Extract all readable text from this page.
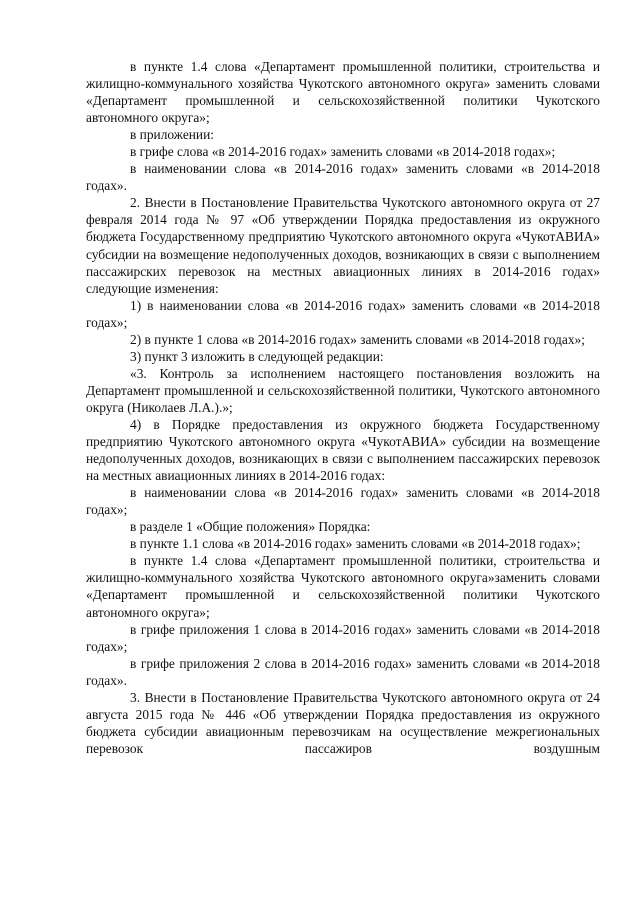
в пункте 1.4 слова «Департамент промышленной политики, строительства и жилищно-коммунального хозяйства Чукотского автономного округа» заменить словами «Департамент промышленной и сельскохозяйственной политики Чукотского автономного округа»;

в приложении:

в грифе слова «в 2014-2016 годах» заменить словами «в 2014-2018 годах»;

в наименовании слова «в 2014-2016 годах» заменить словами «в 2014-2018 годах».

2. Внести в Постановление Правительства Чукотского автономного округа от 27 февраля 2014 года № 97 «Об утверждении Порядка предоставления из окружного бюджета Государственному предприятию Чукотского автономного округа «ЧукотАВИА» субсидии на возмещение недополученных доходов, возникающих в связи с выполнением пассажирских перевозок на местных авиационных линиях в 2014-2016 годах» следующие изменения:

1) в наименовании слова «в 2014-2016 годах» заменить словами «в 2014-2018 годах»;

2) в пункте 1 слова «в 2014-2016 годах» заменить словами «в 2014-2018 годах»;

3) пункт 3 изложить в следующей редакции:

«3. Контроль за исполнением настоящего постановления возложить на Департамент промышленной и сельскохозяйственной политики, Чукотского автономного округа (Николаев Л.А.).»;

4) в Порядке предоставления из окружного бюджета Государственному предприятию Чукотского автономного округа «ЧукотАВИА» субсидии на возмещение недополученных доходов, возникающих в связи с выполнением пассажирских перевозок на местных авиационных линиях в 2014-2016 годах:

в наименовании слова «в 2014-2016 годах» заменить словами «в 2014-2018 годах»;

в разделе 1 «Общие положения» Порядка:

в пункте 1.1 слова «в 2014-2016 годах» заменить словами «в 2014-2018 годах»;

в пункте 1.4 слова «Департамент промышленной политики, строительства и жилищно-коммунального хозяйства Чукотского автономного округа»заменить словами «Департамент промышленной и сельскохозяйственной политики Чукотского автономного округа»;

в грифе приложения 1 слова в 2014-2016 годах» заменить словами «в 2014-2018 годах»;

в грифе приложения 2 слова в 2014-2016 годах» заменить словами «в 2014-2018 годах».

3. Внести в Постановление Правительства Чукотского автономного округа от 24 августа 2015 года № 446 «Об утверждении Порядка предоставления из окружного бюджета субсидии авиационным перевозчикам на осуществление межрегиональных перевозок пассажиров воздушным
